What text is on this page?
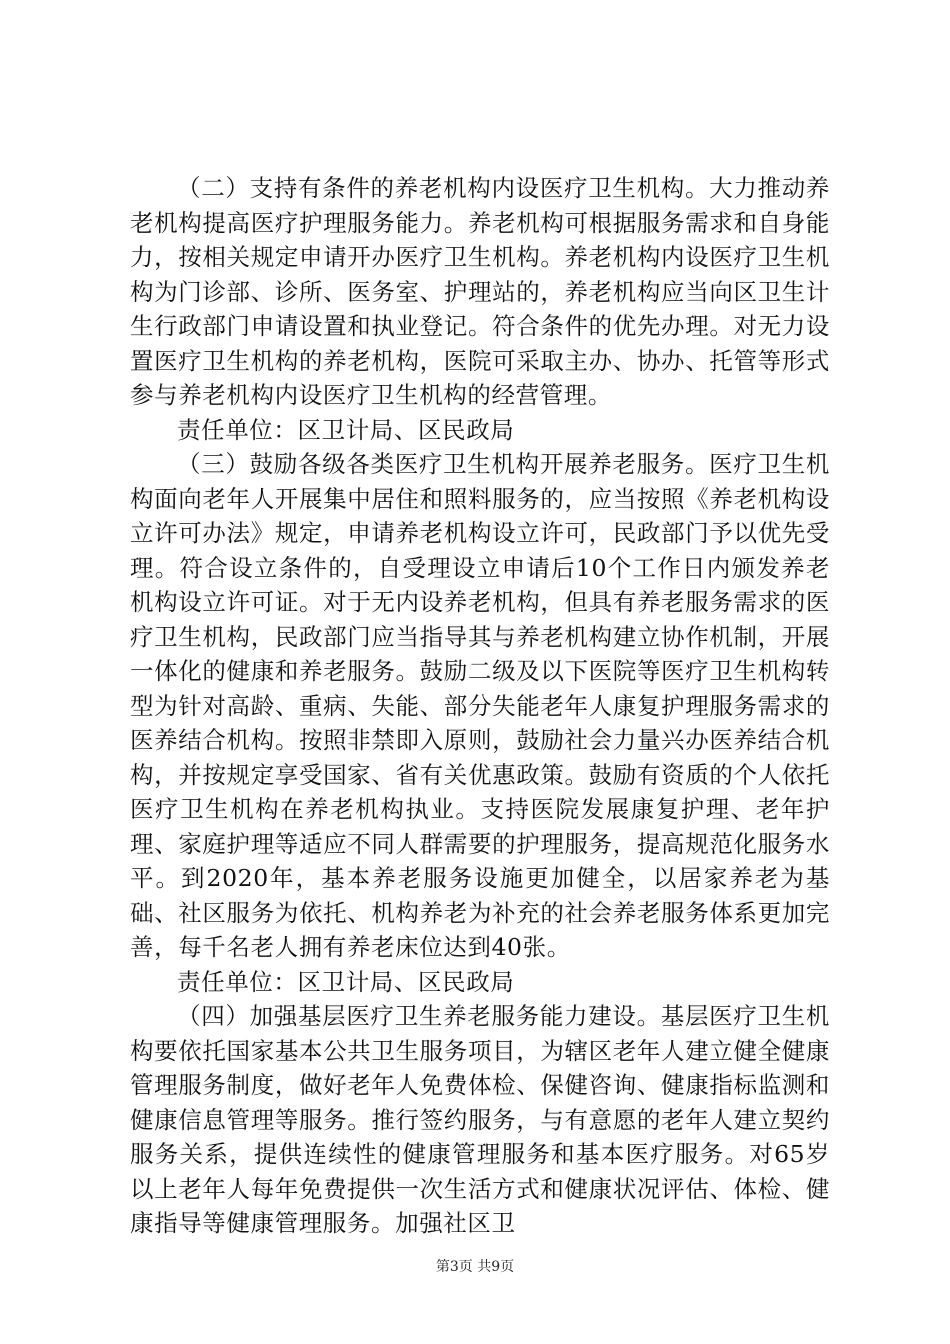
（二）支持有条件的养老机构内设医疗卫生机构。大力推动养老机构提高医疗护理服务能力。养老机构可根据服务需求和自身能力，按相关规定申请开办医疗卫生机构。养老机构内设医疗卫生机构为门诊部、诊所、医务室、护理站的，养老机构应当向区卫生计生行政部门申请设置和执业登记。符合条件的优先办理。对无力设置医疗卫生机构的养老机构，医院可采取主办、协办、托管等形式参与养老机构内设医疗卫生机构的经营管理。

责任单位：区卫计局、区民政局

（三）鼓励各级各类医疗卫生机构开展养老服务。医疗卫生机构面向老年人开展集中居住和照料服务的，应当按照《养老机构设立许可办法》规定，申请养老机构设立许可，民政部门予以优先受理。符合设立条件的，自受理设立申请后10个工作日内颁发养老机构设立许可证。对于无内设养老机构，但具有养老服务需求的医疗卫生机构，民政部门应当指导其与养老机构建立协作机制，开展一体化的健康和养老服务。鼓励二级及以下医院等医疗卫生机构转型为针对高龄、重病、失能、部分失能老年人康复护理服务需求的医养结合机构。按照非禁即入原则，鼓励社会力量兴办医养结合机构，并按规定享受国家、省有关优惠政策。鼓励有资质的个人依托医疗卫生机构在养老机构执业。支持医院发展康复护理、老年护理、家庭护理等适应不同人群需要的护理服务，提高规范化服务水平。到2020年，基本养老服务设施更加健全，以居家养老为基础、社区服务为依托、机构养老为补充的社会养老服务体系更加完善，每千名老人拥有养老床位达到40张。

责任单位：区卫计局、区民政局

（四）加强基层医疗卫生养老服务能力建设。基层医疗卫生机构要依托国家基本公共卫生服务项目，为辖区老年人建立健全健康管理服务制度，做好老年人免费体检、保健咨询、健康指标监测和健康信息管理等服务。推行签约服务，与有意愿的老年人建立契约服务关系，提供连续性的健康管理服务和基本医疗服务。对65岁以上老年人每年免费提供一次生活方式和健康状况评估、体检、健康指导等健康管理服务。加强社区卫

第3页 共9页
